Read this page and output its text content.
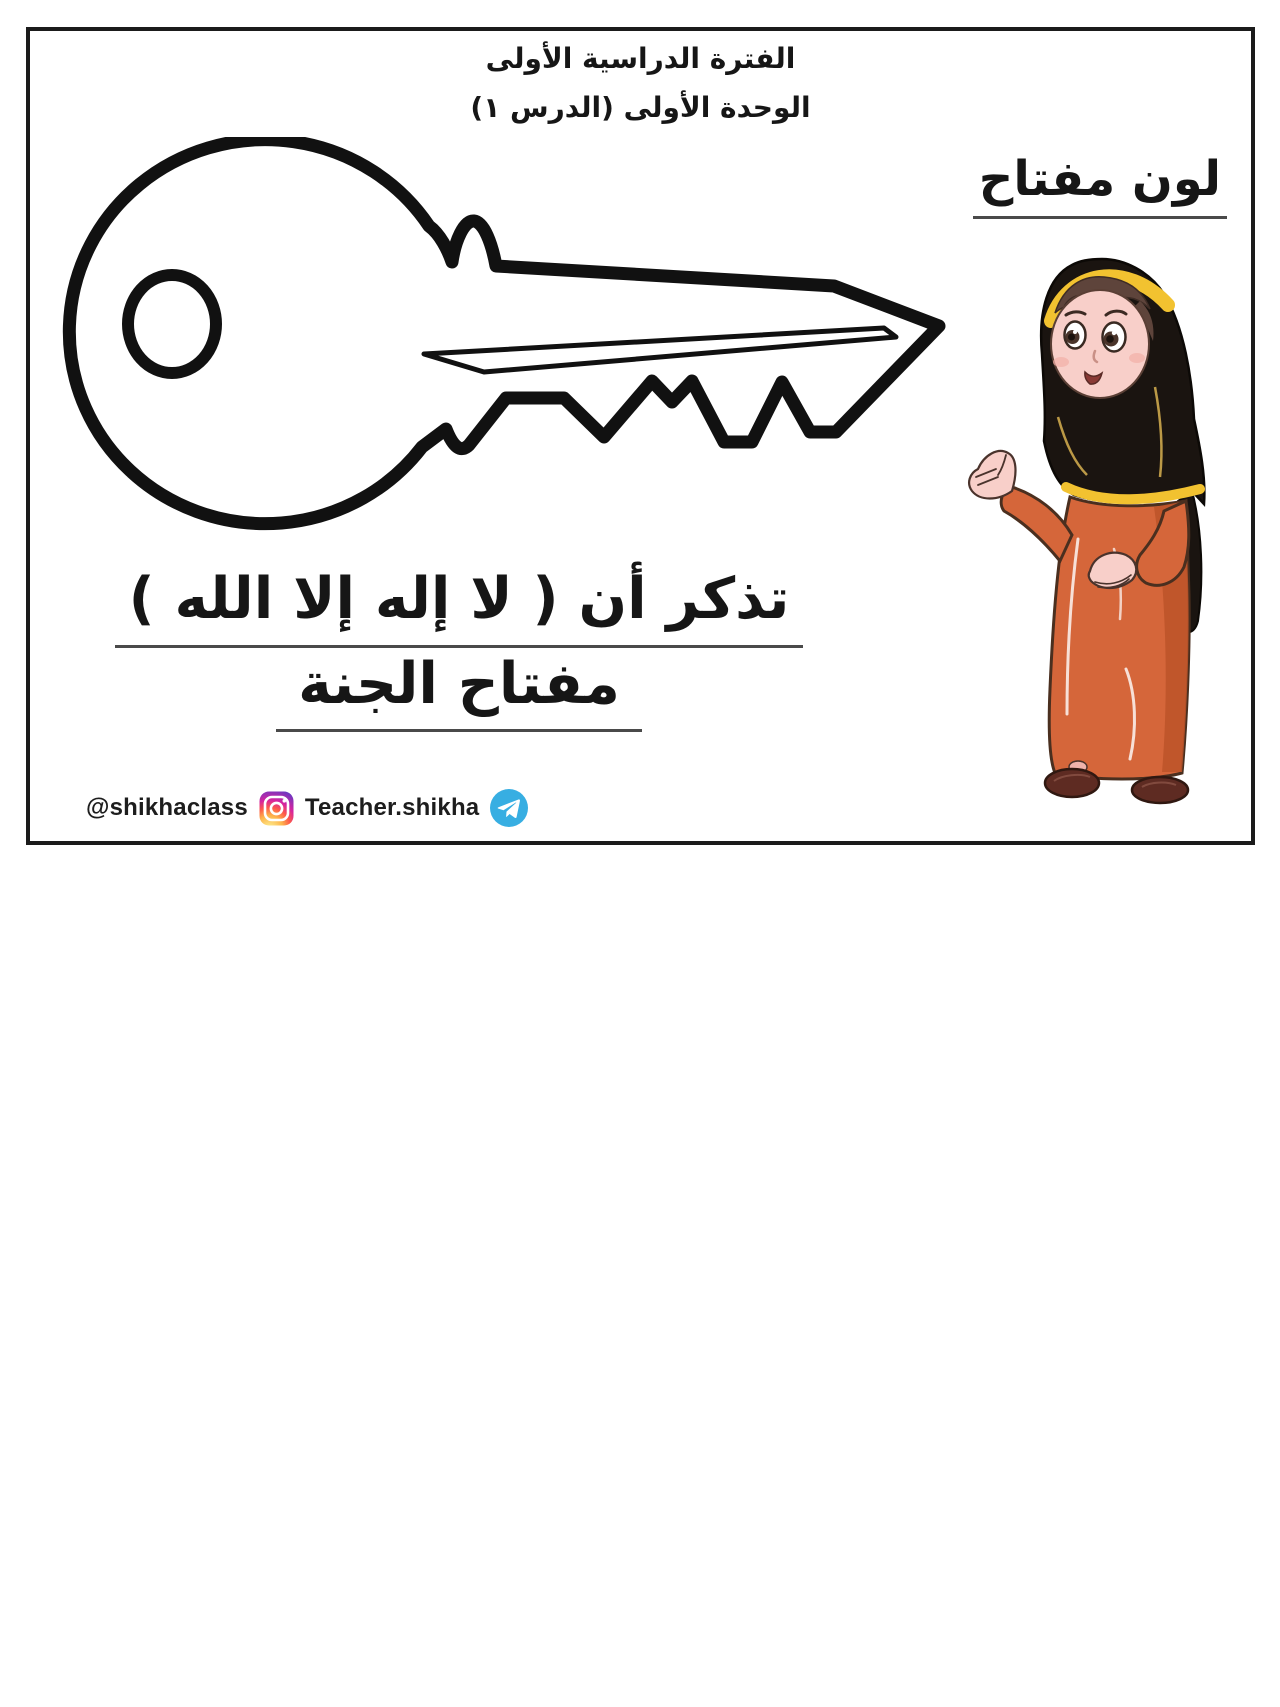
الفترة الدراسية الأولى
الوحدة الأولى (الدرس ١)
لون مفتاح
تذكر أن ( لا إله إلا الله )
مفتاح الجنة
@shikhaclass Teacher.shikha
